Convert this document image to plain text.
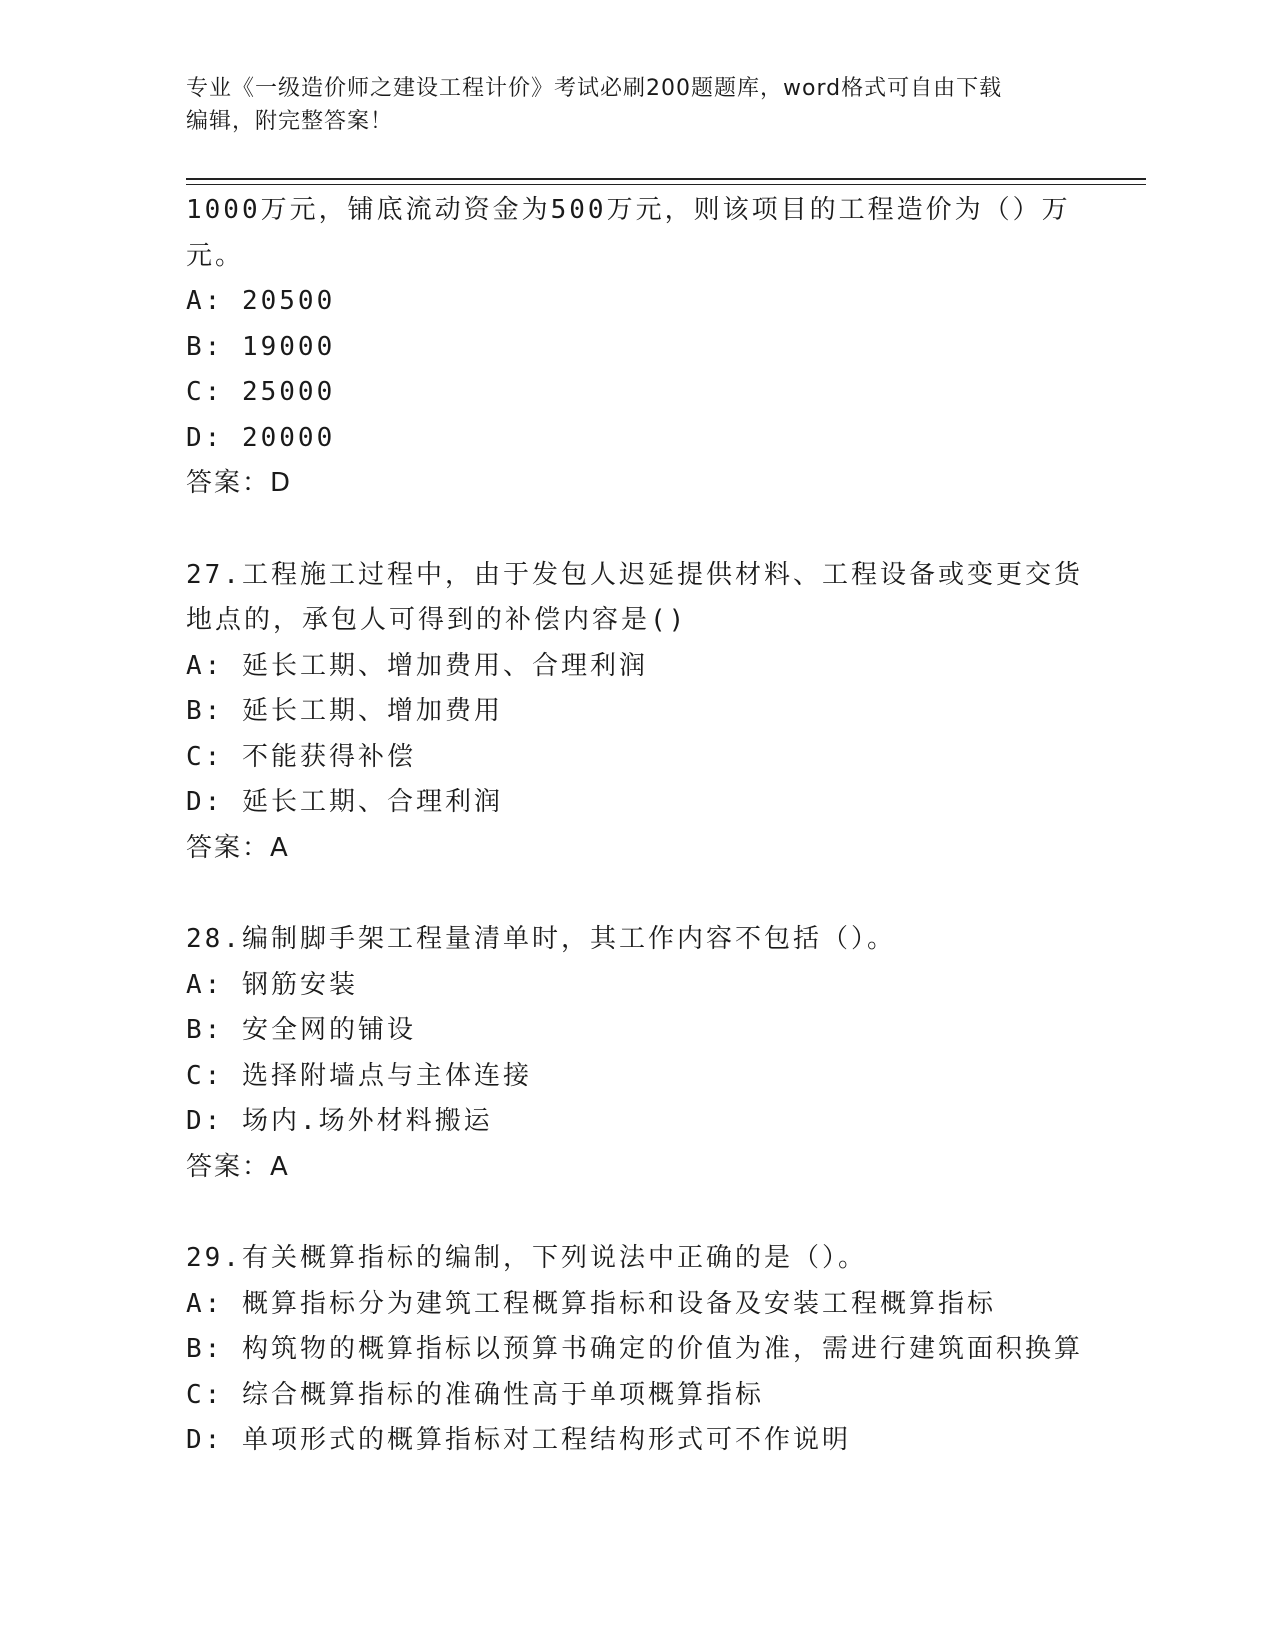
专业《一级造价师之建设工程计价》考试必刷200题题库，word格式可自由下载
编辑，附完整答案！
1000万元，铺底流动资金为500万元，则该项目的工程造价为（）万
元。
A: 20500
B: 19000
C: 25000
D: 20000
答案：D
27.工程施工过程中，由于发包人迟延提供材料、工程设备或变更交货
地点的，承包人可得到的补偿内容是()
A: 延长工期、增加费用、合理利润
B: 延长工期、增加费用
C: 不能获得补偿
D: 延长工期、合理利润
答案：A
28.编制脚手架工程量清单时，其工作内容不包括（）。
A: 钢筋安装
B: 安全网的铺设
C: 选择附墙点与主体连接
D: 场内.场外材料搬运
答案：A
29.有关概算指标的编制，下列说法中正确的是（）。
A: 概算指标分为建筑工程概算指标和设备及安装工程概算指标
B: 构筑物的概算指标以预算书确定的价值为准，需进行建筑面积换算
C: 综合概算指标的准确性高于单项概算指标
D: 单项形式的概算指标对工程结构形式可不作说明
